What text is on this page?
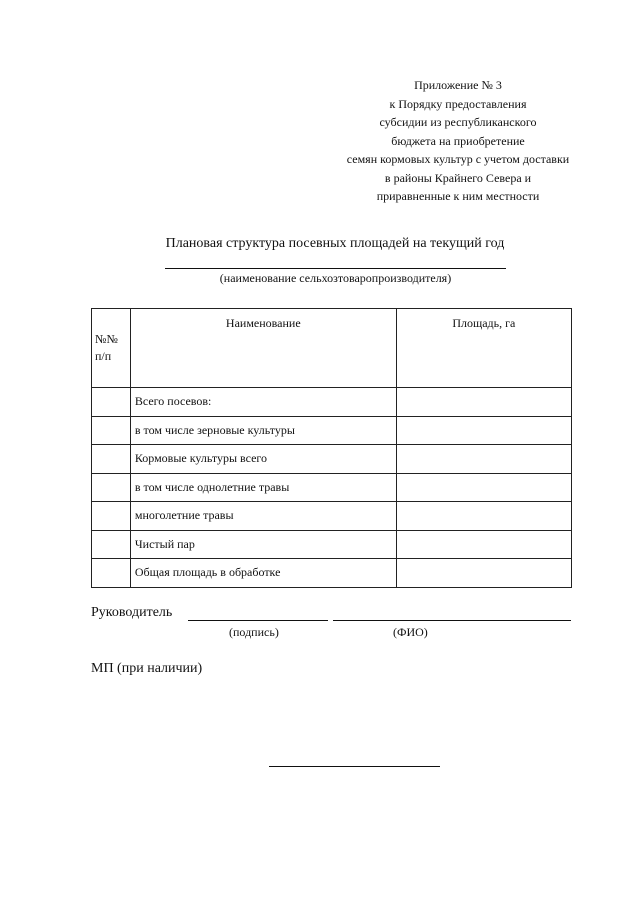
Приложение № 3
к Порядку предоставления
субсидии из республиканского
бюджета на приобретение
семян кормовых культур с учетом доставки
в районы Крайнего Севера и
приравненные к ним местности
Плановая структура посевных площадей на текущий год
(наименование сельхозтоваропроизводителя)
№№
п/п	Наименование	Площадь, га
	Всего посевов:	
	в том числе зерновые культуры	
	Кормовые культуры всего	
	в том числе однолетние травы	
	многолетние травы	
	Чистый пар	
	Общая площадь в обработке	
Руководитель
(подпись)	(ФИО)
МП (при наличии)
